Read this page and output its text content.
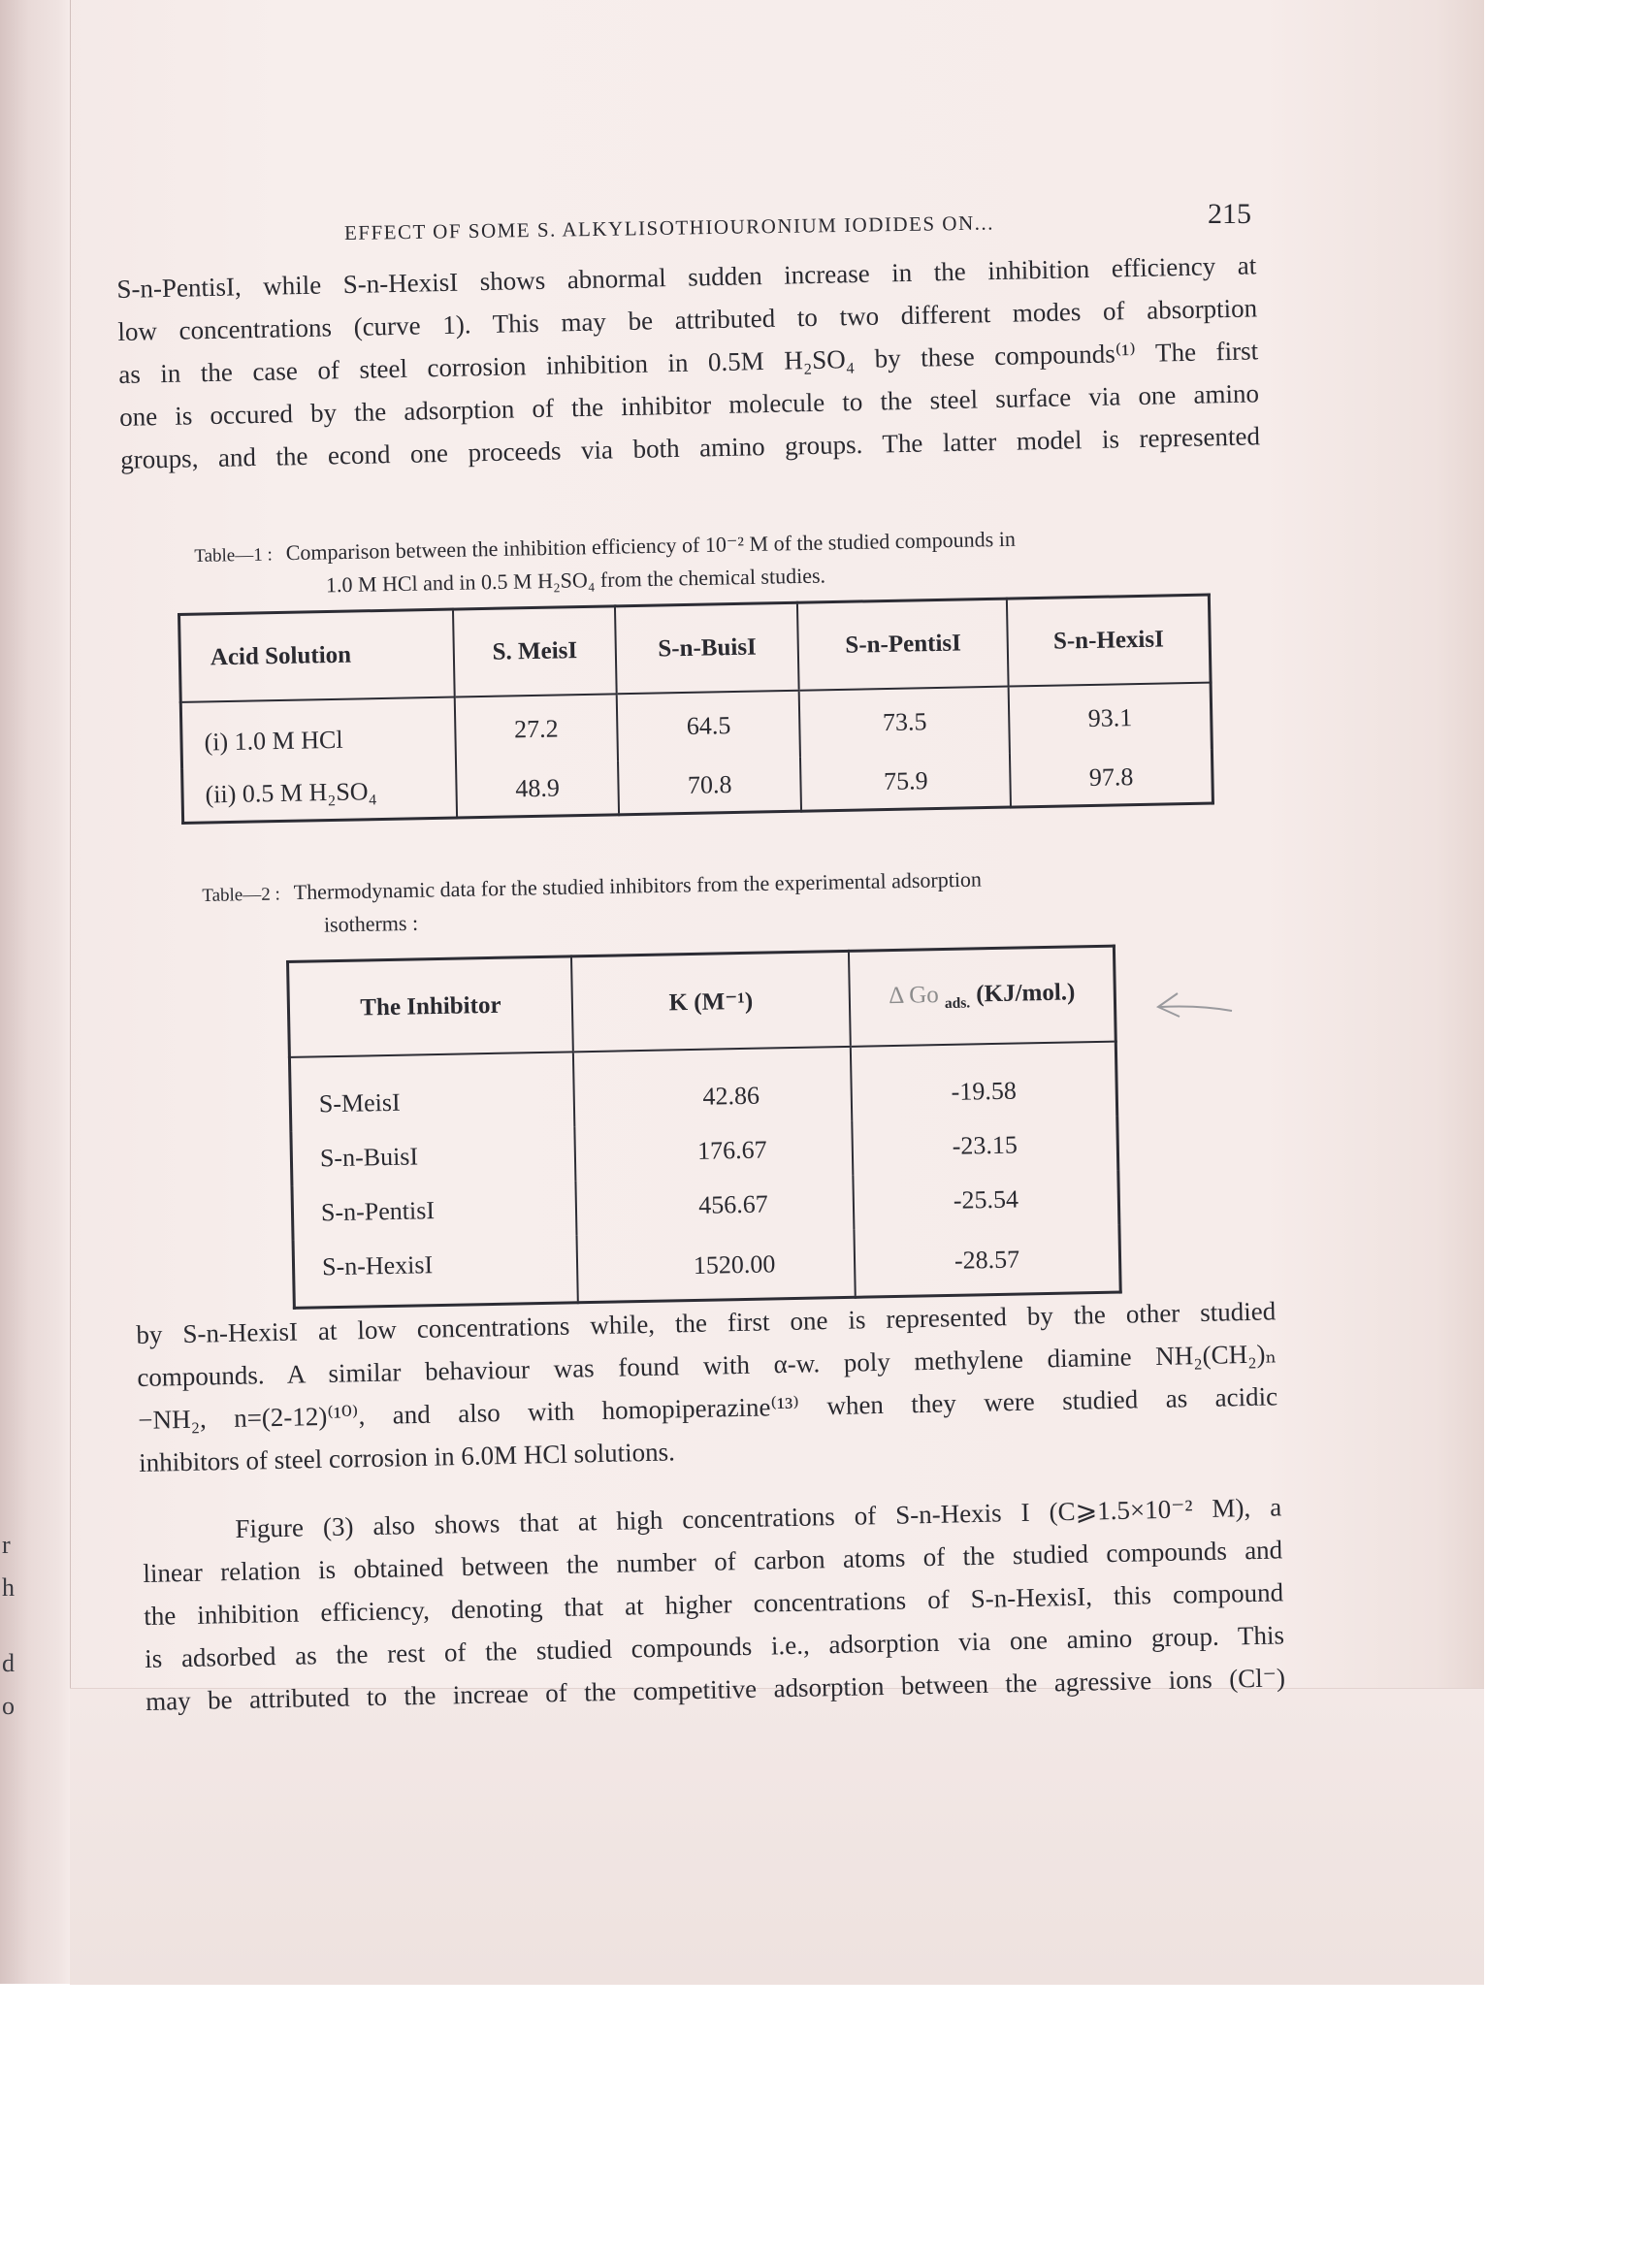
r
h
d
o
EFFECT OF SOME S. ALKYLISOTHIOURONIUM IODIDES ON...	215
S-n-PentisI, while S-n-HexisI shows abnormal sudden increase in the inhibition efficiency at
low concentrations (curve 1). This may be attributed to two different modes of absorption
as in the case of steel corrosion inhibition in 0.5M H₂SO₄ by these compounds⁽¹⁾ The first
one is occured by the adsorption of the inhibitor molecule to the steel surface via one amino
groups, and the econd one proceeds via both amino groups. The latter model is represented
Table—1 : Comparison between the inhibition efficiency of 10⁻² M of the studied compounds in
1.0 M HCl and in 0.5 M H₂SO₄ from the chemical studies.
Acid Solution	S. MeisI	S-n-BuisI	S-n-PentisI	S-n-HexisI
(i) 1.0 M HCl	27.2	64.5	73.5	93.1
(ii) 0.5 M H₂SO₄	48.9	70.8	75.9	97.8
Table—2 : Thermodynamic data for the studied inhibitors from the experimental adsorption
isotherms :
The Inhibitor	K (M⁻¹)	Δ Go $_{ads.}$ (KJ/mol.)
S-MeisI	42.86	-19.58
S-n-BuisI	176.67	-23.15
S-n-PentisI	456.67	-25.54
S-n-HexisI	1520.00	-28.57
by S-n-HexisI at low concentrations while, the first one is represented by the other studied
compounds. A similar behaviour was found with α-w. poly methylene diamine NH₂(CH₂)ₙ
−NH₂, n=(2-12)⁽¹⁰⁾, and also with homopiperazine⁽¹³⁾ when they were studied as acidic
inhibitors of steel corrosion in 6.0M HCl solutions.
Figure (3) also shows that at high concentrations of S-n-Hexis I (C⩾1.5×10⁻² M), a
linear relation is obtained between the number of carbon atoms of the studied compounds and
the inhibition efficiency, denoting that at higher concentrations of S-n-HexisI, this compound
is adsorbed as the rest of the studied compounds i.e., adsorption via one amino group. This
may be attributed to the increae of the competitive adsorption between the agressive ions (Cl⁻)
